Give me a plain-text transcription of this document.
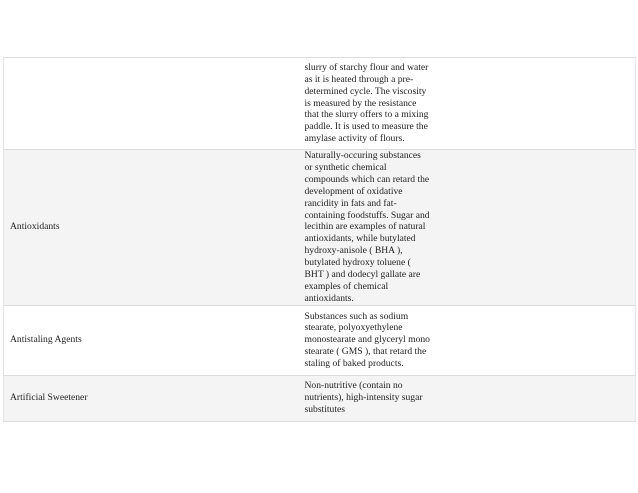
	slurry of starchy flour and water as it is heated through a pre-determined cycle. The viscosity is measured by the resistance that the slurry offers to a mixing paddle. It is used to measure the amylase activity of flours.	

Antioxidants	Naturally-occuring substances or synthetic chemical compounds which can retard the development of oxidative rancidity in fats and fat-containing foodstuffs. Sugar and lecithin are examples of natural antioxidants, while butylated hydroxy-anisole ( BHA ), butylated hydroxy toluene ( BHT ) and dodecyl gallate are examples of chemical antioxidants.	

Antistaling Agents	Substances such as sodium stearate, polyoxyethylene monostearate and glyceryl mono stearate ( GMS ), that retard the staling of baked products.	

Artificial Sweetener	Non-nutritive (contain no nutrients), high-intensity sugar substitutes	
